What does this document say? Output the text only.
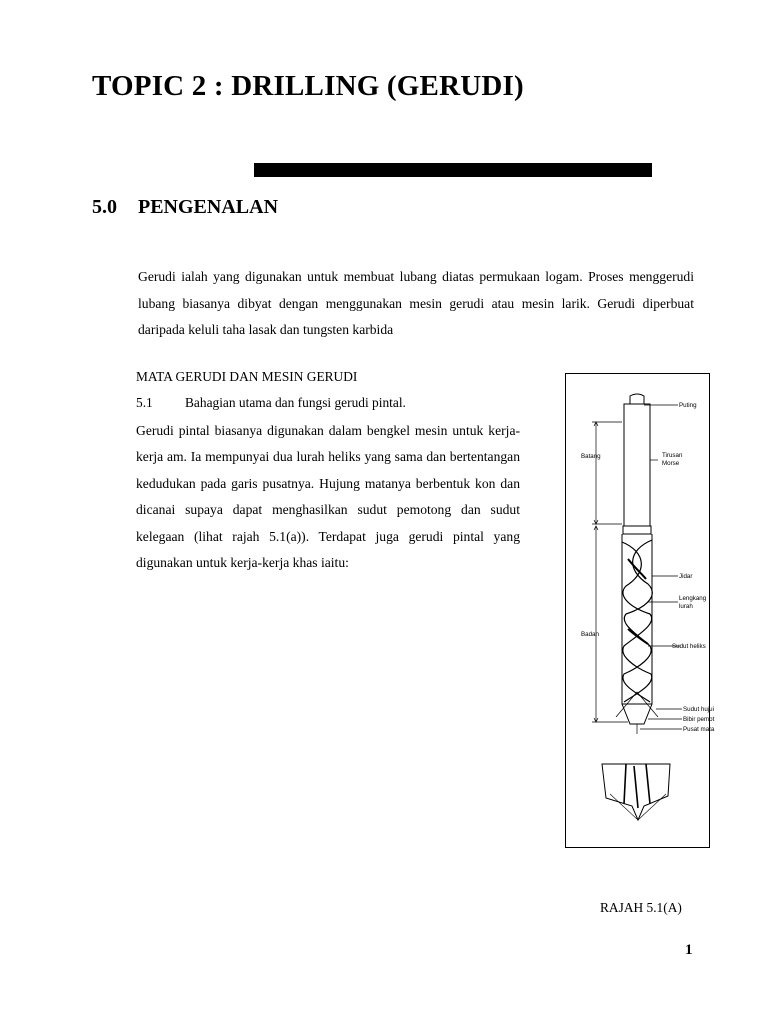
TOPIC 2 : DRILLING (GERUDI)
5.0 PENGENALAN
Gerudi ialah yang digunakan untuk membuat lubang diatas permukaan logam. Proses menggerudi lubang biasanya dibyat dengan menggunakan mesin gerudi atau mesin larik. Gerudi diperbuat daripada keluli taha lasak dan tungsten karbida
MATA GERUDI DAN MESIN GERUDI
5.1 Bahagian utama dan fungsi gerudi pintal.
Gerudi pintal biasanya digunakan dalam bengkel mesin untuk kerja-kerja am. Ia mempunyai dua lurah heliks yang sama dan bertentangan kedudukan pada garis pusatnya. Hujung matanya berbentuk kon dan dicanai supaya dapat menghasilkan sudut pemotong dan sudut kelegaan (lihat rajah 5.1(a)). Terdapat juga gerudi pintal yang digunakan untuk kerja-kerja khas iaitu:
Puting
Batang	Tirusan
Morse
Jidar
Lengkang
lurah
Badan
Sudut heliks
Sudut hujui
Bibir pemot
Pusat mata
RAJAH 5.1(A)
1
